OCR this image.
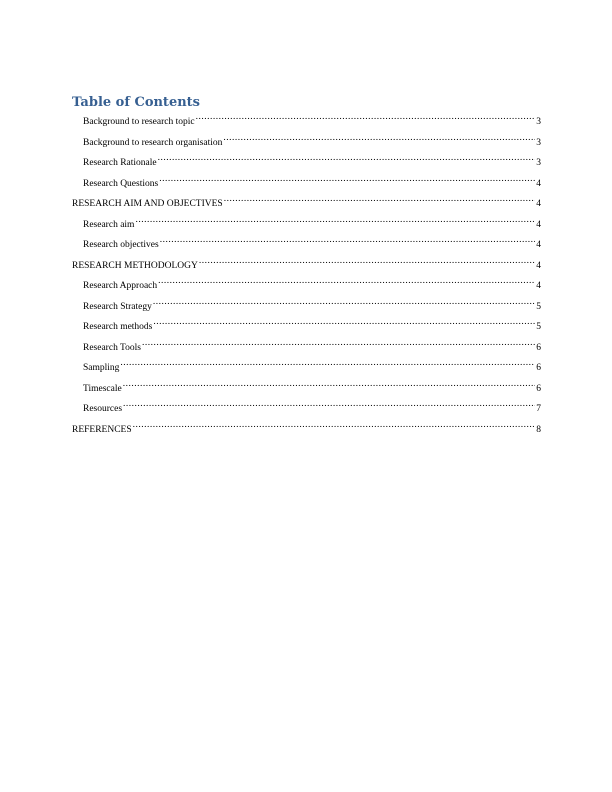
Table of Contents
Background to research topic .....	3
Background to research organisation .....	3
Research Rationale .....	3
Research Questions .....	4
RESEARCH AIM AND OBJECTIVES .....	4
Research aim .....	4
Research objectives .....	4
RESEARCH METHODOLOGY .....	4
Research Approach .....	4
Research Strategy .....	5
Research methods .....	5
Research Tools .....	6
Sampling .....	6
Timescale .....	6
Resources .....	7
REFERENCES .....	8
